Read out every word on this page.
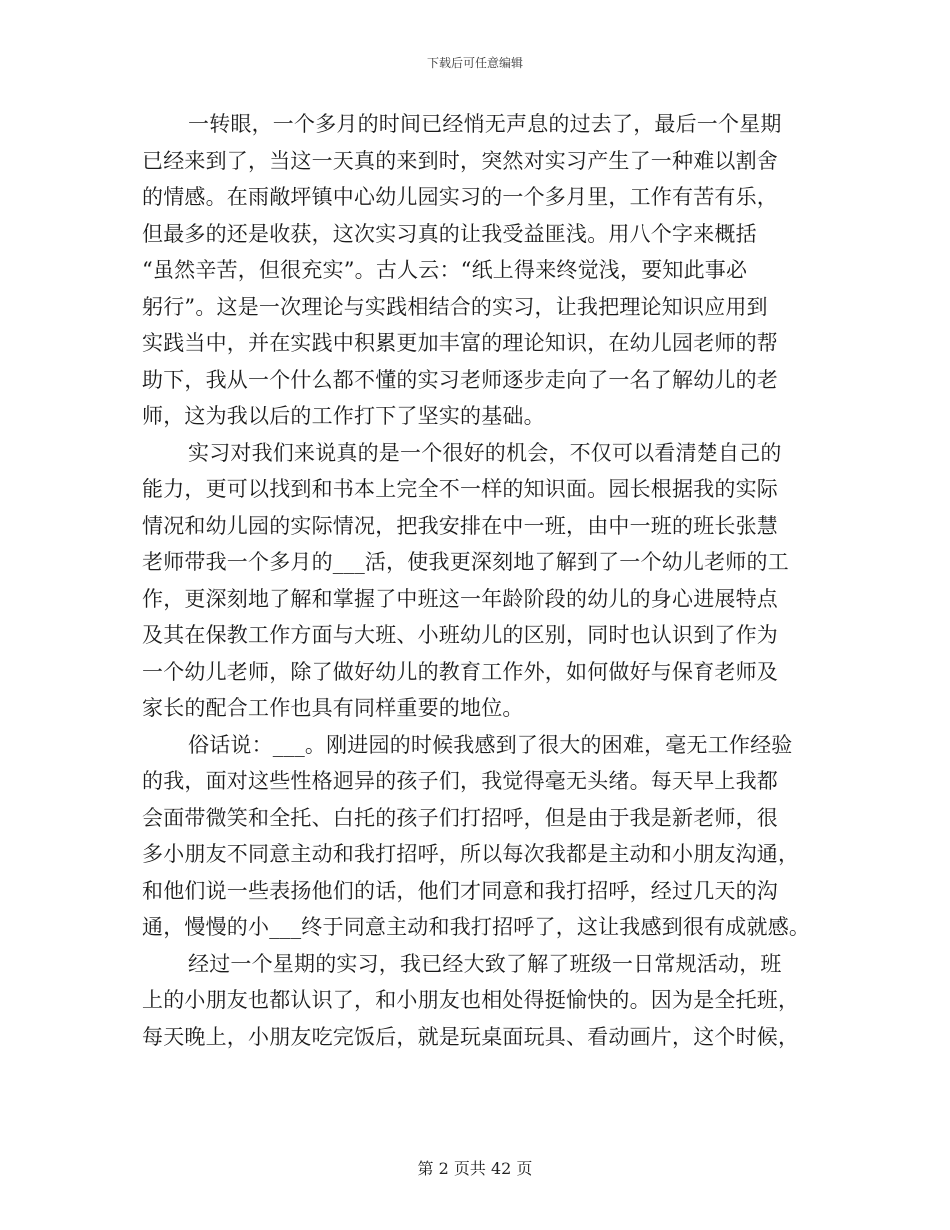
下载后可任意编辑

一转眼，一个多月的时间已经悄无声息的过去了，最后一个星期
已经来到了，当这一天真的来到时，突然对实习产生了一种难以割舍
的情感。在雨敞坪镇中心幼儿园实习的一个多月里，工作有苦有乐，
但最多的还是收获，这次实习真的让我受益匪浅。用八个字来概括
“虽然辛苦，但很充实”。古人云：“纸上得来终觉浅，要知此事必
躬行”。这是一次理论与实践相结合的实习，让我把理论知识应用到
实践当中，并在实践中积累更加丰富的理论知识，在幼儿园老师的帮
助下，我从一个什么都不懂的实习老师逐步走向了一名了解幼儿的老
师，这为我以后的工作打下了坚实的基础。

实习对我们来说真的是一个很好的机会，不仅可以看清楚自己的
能力，更可以找到和书本上完全不一样的知识面。园长根据我的实际
情况和幼儿园的实际情况，把我安排在中一班，由中一班的班长张慧
老师带我一个多月的___活，使我更深刻地了解到了一个幼儿老师的工
作，更深刻地了解和掌握了中班这一年龄阶段的幼儿的身心进展特点
及其在保教工作方面与大班、小班幼儿的区别，同时也认识到了作为
一个幼儿老师，除了做好幼儿的教育工作外，如何做好与保育老师及
家长的配合工作也具有同样重要的地位。

俗话说：___。刚进园的时候我感到了很大的困难，毫无工作经验
的我，面对这些性格迥异的孩子们，我觉得毫无头绪。每天早上我都
会面带微笑和全托、白托的孩子们打招呼，但是由于我是新老师，很
多小朋友不同意主动和我打招呼，所以每次我都是主动和小朋友沟通，
和他们说一些表扬他们的话，他们才同意和我打招呼，经过几天的沟
通，慢慢的小___终于同意主动和我打招呼了，这让我感到很有成就感。

经过一个星期的实习，我已经大致了解了班级一日常规活动，班
上的小朋友也都认识了，和小朋友也相处得挺愉快的。因为是全托班，
每天晚上，小朋友吃完饭后，就是玩桌面玩具、看动画片，这个时候，

第 2 页共 42 页
